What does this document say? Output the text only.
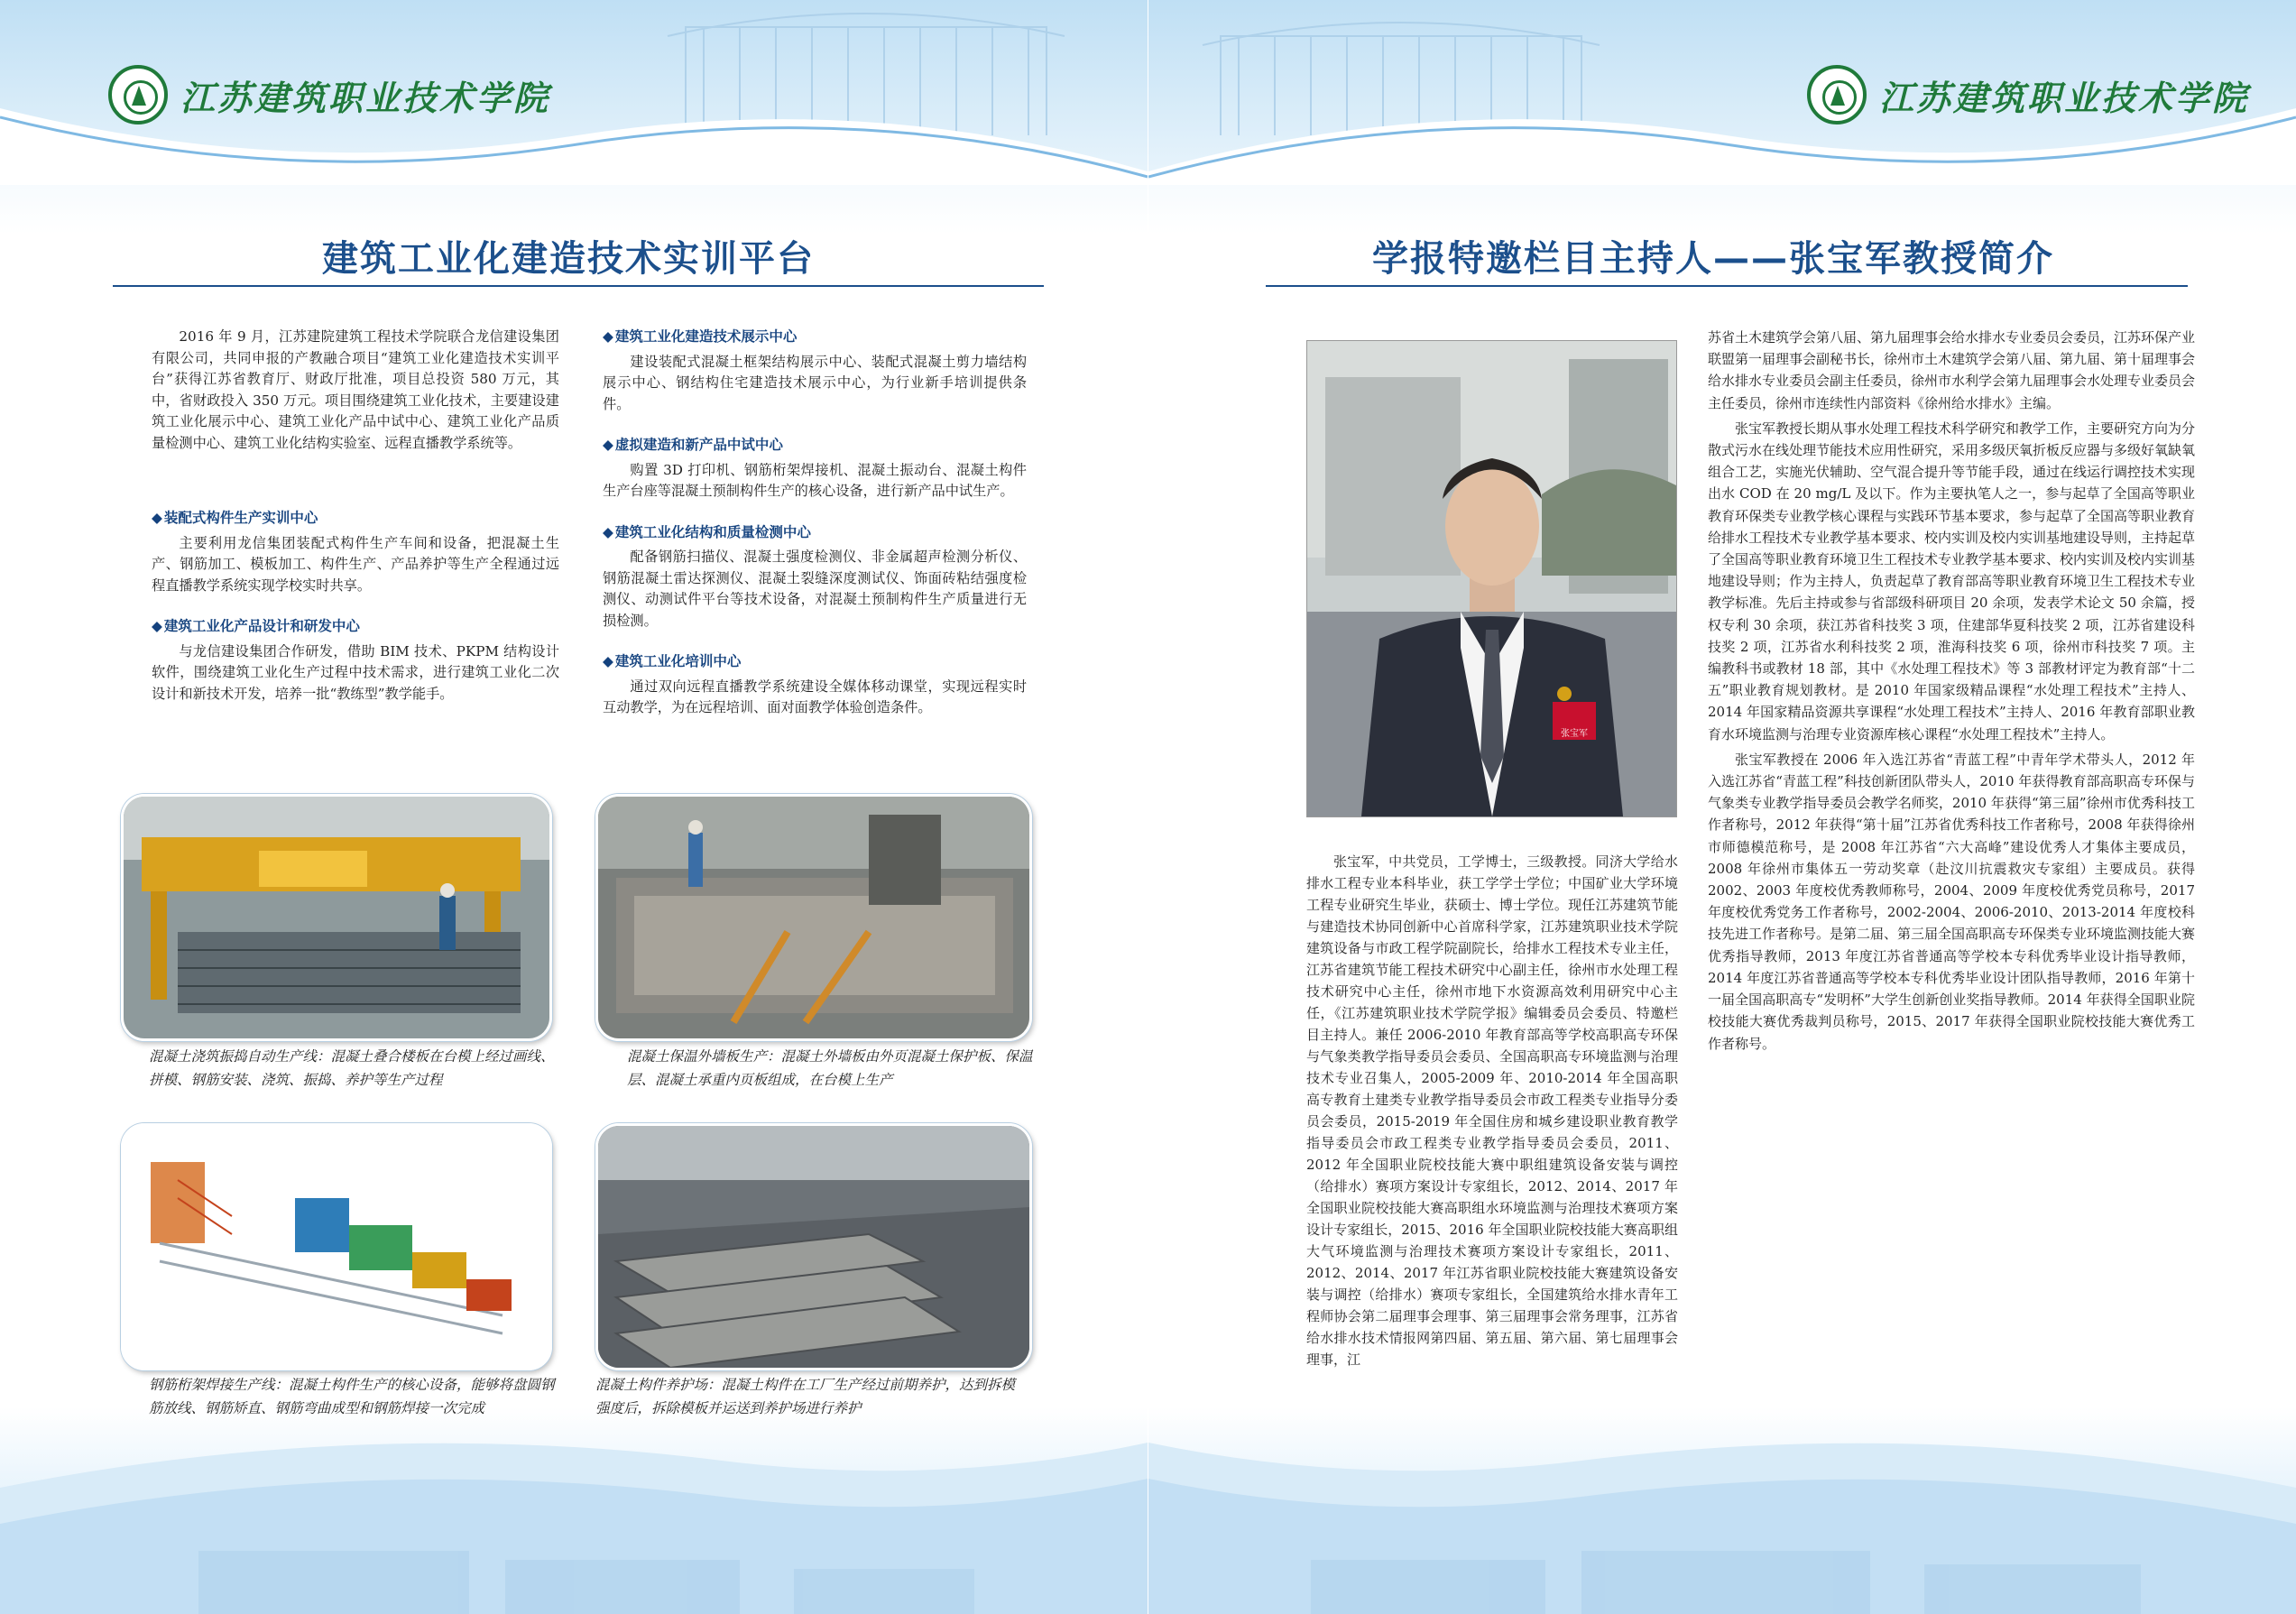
江苏建筑职业技术学院
建筑工业化建造技术实训平台

2016 年 9 月，江苏建院建筑工程技术学院联合龙信建设集团有限公司，共同申报的产教融合项目“建筑工业化建造技术实训平台”获得江苏省教育厅、财政厅批准，项目总投资 580 万元，其中，省财政投入 350 万元。项目围绕建筑工业化技术，主要建设建筑工业化展示中心、建筑工业化产品中试中心、建筑工业化产品质量检测中心、建筑工业化结构实验室、远程直播教学系统等。

◆ 装配式构件生产实训中心

主要利用龙信集团装配式构件生产车间和设备，把混凝土生产、钢筋加工、模板加工、构件生产、产品养护等生产全程通过远程直播教学系统实现学校实时共享。

◆ 建筑工业化产品设计和研发中心

与龙信建设集团合作研发，借助 BIM 技术、PKPM 结构设计软件，围绕建筑工业化生产过程中技术需求，进行建筑工业化二次设计和新技术开发，培养一批“教练型”教学能手。

◆ 建筑工业化建造技术展示中心

建设装配式混凝土框架结构展示中心、装配式混凝土剪力墙结构展示中心、钢结构住宅建造技术展示中心，为行业新手培训提供条件。

◆ 虚拟建造和新产品中试中心

购置 3D 打印机、钢筋桁架焊接机、混凝土振动台、混凝土构件生产台座等混凝土预制构件生产的核心设备，进行新产品中试生产。

◆ 建筑工业化结构和质量检测中心

配备钢筋扫描仪、混凝土强度检测仪、非金属超声检测分析仪、钢筋混凝土雷达探测仪、混凝土裂缝深度测试仪、饰面砖粘结强度检测仪、动测试件平台等技术设备，对混凝土预制构件生产质量进行无损检测。

◆ 建筑工业化培训中心

通过双向远程直播教学系统建设全媒体移动课堂，实现远程实时互动教学，为在远程培训、面对面教学体验创造条件。

混凝土浇筑振捣自动生产线：混凝土叠合楼板在台模上经过画线、拼模、钢筋安装、浇筑、振捣、养护等生产过程
混凝土保温外墙板生产：混凝土外墙板由外页混凝土保护板、保温层、混凝土承重内页板组成，在台模上生产
钢筋桁架焊接生产线：混凝土构件生产的核心设备，能够将盘圆钢筋放线、钢筋矫直、钢筋弯曲成型和钢筋焊接一次完成
混凝土构件养护场：混凝土构件在工厂生产经过前期养护，达到拆模强度后，拆除模板并运送到养护场进行养护
江苏建筑职业技术学院
学报特邀栏目主持人——张宝军教授简介
张宝军

张宝军，中共党员，工学博士，三级教授。同济大学给水排水工程专业本科毕业，获工学学士学位；中国矿业大学环境工程专业研究生毕业，获硕士、博士学位。现任江苏建筑节能与建造技术协同创新中心首席科学家，江苏建筑职业技术学院建筑设备与市政工程学院副院长，给排水工程技术专业主任，江苏省建筑节能工程技术研究中心副主任，徐州市水处理工程技术研究中心主任，徐州市地下水资源高效利用研究中心主任，《江苏建筑职业技术学院学报》编辑委员会委员、特邀栏目主持人。兼任 2006-2010 年教育部高等学校高职高专环保与气象类教学指导委员会委员、全国高职高专环境监测与治理技术专业召集人，2005-2009 年、2010-2014 年全国高职高专教育土建类专业教学指导委员会市政工程类专业指导分委员会委员，2015-2019 年全国住房和城乡建设职业教育教学指导委员会市政工程类专业教学指导委员会委员，2011、2012 年全国职业院校技能大赛中职组建筑设备安装与调控（给排水）赛项方案设计专家组长，2012、2014、2017 年全国职业院校技能大赛高职组水环境监测与治理技术赛项方案设计专家组长，2015、2016 年全国职业院校技能大赛高职组大气环境监测与治理技术赛项方案设计专家组长，2011、2012、2014、2017 年江苏省职业院校技能大赛建筑设备安装与调控（给排水）赛项专家组长，全国建筑给水排水青年工程师协会第二届理事会理事、第三届理事会常务理事，江苏省给水排水技术情报网第四届、第五届、第六届、第七届理事会理事，江

苏省土木建筑学会第八届、第九届理事会给水排水专业委员会委员，江苏环保产业联盟第一届理事会副秘书长，徐州市土木建筑学会第八届、第九届、第十届理事会给水排水专业委员会副主任委员，徐州市水利学会第九届理事会水处理专业委员会主任委员，徐州市连续性内部资料《徐州给水排水》主编。

张宝军教授长期从事水处理工程技术科学研究和教学工作，主要研究方向为分散式污水在线处理节能技术应用性研究，采用多级厌氧折板反应器与多级好氧缺氧组合工艺，实施光伏辅助、空气混合提升等节能手段，通过在线运行调控技术实现出水 COD 在 20 mg/L 及以下。作为主要执笔人之一，参与起草了全国高等职业教育环保类专业教学核心课程与实践环节基本要求，参与起草了全国高等职业教育给排水工程技术专业教学基本要求、校内实训及校内实训基地建设导则，主持起草了全国高等职业教育环境卫生工程技术专业教学基本要求、校内实训及校内实训基地建设导则；作为主持人，负责起草了教育部高等职业教育环境卫生工程技术专业教学标准。先后主持或参与省部级科研项目 20 余项，发表学术论文 50 余篇，授权专利 30 余项，获江苏省科技奖 3 项，住建部华夏科技奖 2 项，江苏省建设科技奖 2 项，江苏省水利科技奖 2 项，淮海科技奖 6 项，徐州市科技奖 7 项。主编教科书或教材 18 部，其中《水处理工程技术》等 3 部教材评定为教育部“十二五”职业教育规划教材。是 2010 年国家级精品课程“水处理工程技术”主持人、2014 年国家精品资源共享课程“水处理工程技术”主持人、2016 年教育部职业教育水环境监测与治理专业资源库核心课程“水处理工程技术”主持人。

张宝军教授在 2006 年入选江苏省“青蓝工程”中青年学术带头人，2012 年入选江苏省“青蓝工程”科技创新团队带头人，2010 年获得教育部高职高专环保与气象类专业教学指导委员会教学名师奖，2010 年获得“第三届”徐州市优秀科技工作者称号，2012 年获得“第十届”江苏省优秀科技工作者称号，2008 年获得徐州市师德模范称号，是 2008 年江苏省“六大高峰”建设优秀人才集体主要成员，2008 年徐州市集体五一劳动奖章（赴汶川抗震救灾专家组）主要成员。获得 2002、2003 年度校优秀教师称号，2004、2009 年度校优秀党员称号，2017 年度校优秀党务工作者称号，2002-2004、2006-2010、2013-2014 年度校科技先进工作者称号。是第二届、第三届全国高职高专环保类专业环境监测技能大赛优秀指导教师，2013 年度江苏省普通高等学校本专科优秀毕业设计指导教师，2014 年度江苏省普通高等学校本专科优秀毕业设计团队指导教师，2016 年第十一届全国高职高专“发明杯”大学生创新创业奖指导教师。2014 年获得全国职业院校技能大赛优秀裁判员称号，2015、2017 年获得全国职业院校技能大赛优秀工作者称号。
